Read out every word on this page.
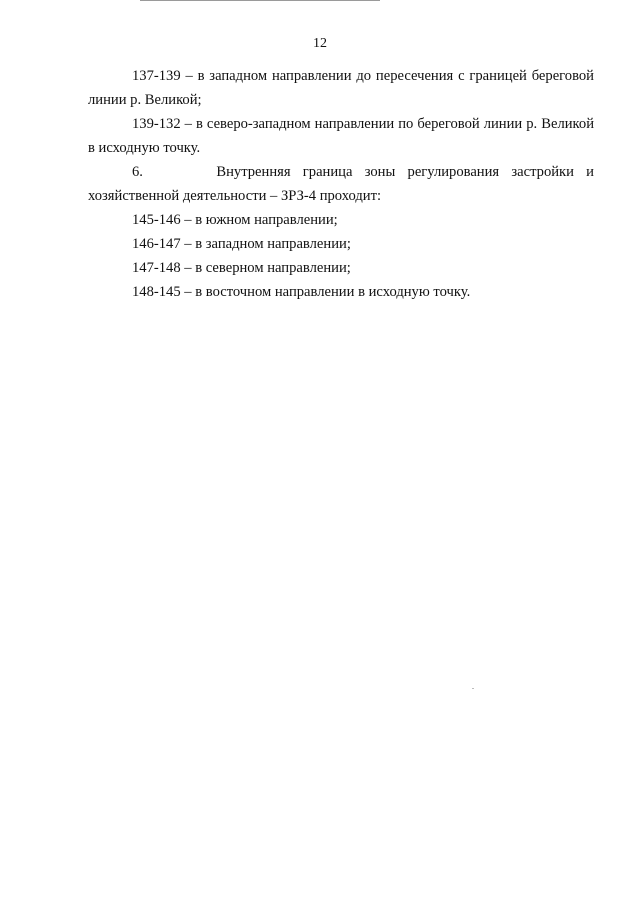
12

137-139 – в западном направлении до пересечения с границей береговой линии р. Великой;

139-132 – в северо-западном направлении по береговой линии р. Великой в исходную точку.

6.      Внутренняя граница зоны регулирования застройки и хозяйственной деятельности – ЗРЗ-4 проходит:

145-146 – в южном направлении;

146-147 – в западном направлении;

147-148 – в северном направлении;

148-145 – в восточном направлении в исходную точку.
